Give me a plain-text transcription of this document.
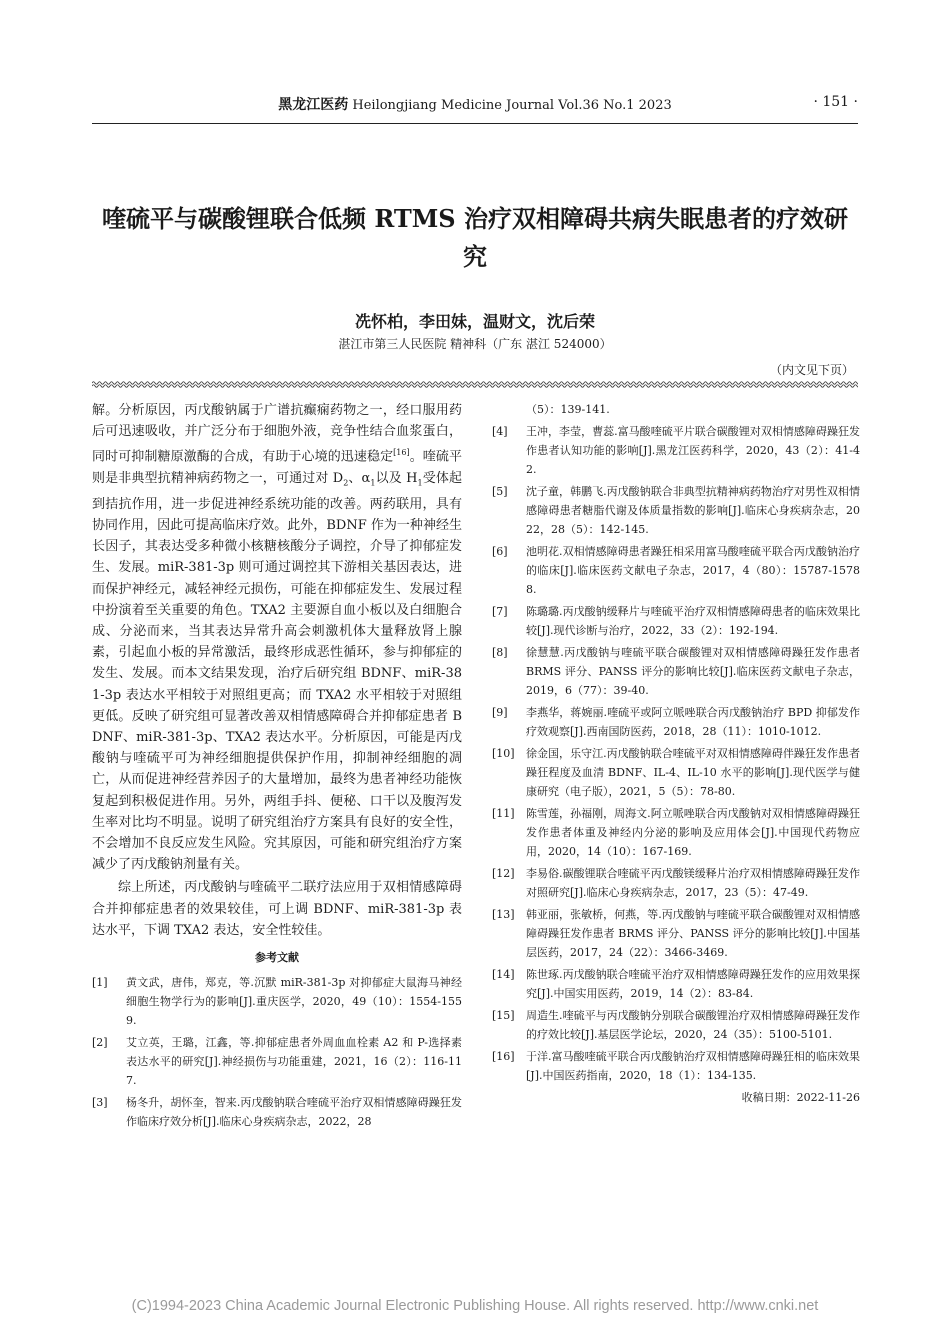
黑龙江医药 Heilongjiang Medicine Journal Vol.36 No.1 2023	· 151 ·
喹硫平与碳酸锂联合低频 RTMS 治疗双相障碍共病失眠患者的疗效研究
冼怀柏，李田妹，温财文，沈后荣
湛江市第三人民医院 精神科（广东 湛江 524000）
（内文见下页）

解。分析原因，丙戊酸钠属于广谱抗癫痫药物之一，经口服用药后可迅速吸收，并广泛分布于细胞外液，竞争性结合血浆蛋白，同时可抑制糖原激酶的合成，有助于心境的迅速稳定[16]。喹硫平则是非典型抗精神病药物之一，可通过对 $D_2$、$\alpha_1$以及 $H_1$受体起到拮抗作用，进一步促进神经系统功能的改善。两药联用，具有协同作用，因此可提高临床疗效。此外，BDNF 作为一种神经生长因子，其表达受多种微小核糖核酸分子调控，介导了抑郁症发生、发展。miR-381-3p 则可通过调控其下游相关基因表达，进而保护神经元，减轻神经元损伤，可能在抑郁症发生、发展过程中扮演着至关重要的角色。TXA2 主要源自血小板以及白细胞合成、分泌而来，当其表达异常升高会刺激机体大量释放肾上腺素，引起血小板的异常激活，最终形成恶性循环，参与抑郁症的发生、发展。而本文结果发现，治疗后研究组 BDNF、miR-381-3p 表达水平相较于对照组更高；而 TXA2 水平相较于对照组更低。反映了研究组可显著改善双相情感障碍合并抑郁症患者 BDNF、miR-381-3p、TXA2 表达水平。分析原因，可能是丙戊酸钠与喹硫平可为神经细胞提供保护作用，抑制神经细胞的凋亡，从而促进神经营养因子的大量增加，最终为患者神经功能恢复起到积极促进作用。另外，两组手抖、便秘、口干以及腹泻发生率对比均不明显。说明了研究组治疗方案具有良好的安全性，不会增加不良反应发生风险。究其原因，可能和研究组治疗方案减少了丙戊酸钠剂量有关。

综上所述，丙戊酸钠与喹硫平二联疗法应用于双相情感障碍合并抑郁症患者的效果较佳，可上调 BDNF、miR-381-3p 表达水平，下调 TXA2 表达，安全性较佳。

参考文献
[1]	黄文武，唐伟，郑克，等.沉默 miR-381-3p 对抑郁症大鼠海马神经细胞生物学行为的影响[J].重庆医学，2020，49（10）：1554-1559.
[2]	艾立英，王璐，江鑫，等.抑郁症患者外周血血栓素 A2 和 P-选择素表达水平的研究[J].神经损伤与功能重建，2021，16（2）：116-117.
[3]	杨冬升，胡怀奎，智来.丙戊酸钠联合喹硫平治疗双相情感障碍躁狂发作临床疗效分析[J].临床心身疾病杂志，2022，28
（5）：139-141.
[4]	王冲，李莹，曹蕊.富马酸喹硫平片联合碳酸锂对双相情感障碍躁狂发作患者认知功能的影响[J].黑龙江医药科学，2020，43（2）：41-42.
[5]	沈子童，韩鹏飞.丙戊酸钠联合非典型抗精神病药物治疗对男性双相情感障碍患者糖脂代谢及体质量指数的影响[J].临床心身疾病杂志，2022，28（5）：142-145.
[6]	池明花.双相情感障碍患者躁狂相采用富马酸喹硫平联合丙戊酸钠治疗的临床[J].临床医药文献电子杂志，2017，4（80）：15787-15788.
[7]	陈璐璐.丙戊酸钠缓释片与喹硫平治疗双相情感障碍患者的临床效果比较[J].现代诊断与治疗，2022，33（2）：192-194.
[8]	徐慧慧.丙戊酸钠与喹硫平联合碳酸锂对双相情感障碍躁狂发作患者 BRMS 评分、PANSS 评分的影响比较[J].临床医药文献电子杂志，2019，6（77）：39-40.
[9]	李燕华，蒋婉丽.喹硫平或阿立哌唑联合丙戊酸钠治疗 BPD 抑郁发作疗效观察[J].西南国防医药，2018，28（11）：1010-1012.
[10]	徐金国，乐守江.丙戊酸钠联合喹硫平对双相情感障碍伴躁狂发作患者躁狂程度及血清 BDNF、IL-4、IL-10 水平的影响[J].现代医学与健康研究（电子版），2021，5（5）：78-80.
[11]	陈雪莲，孙福刚，周海文.阿立哌唑联合丙戊酸钠对双相情感障碍躁狂发作患者体重及神经内分泌的影响及应用体会[J].中国现代药物应用，2020，14（10）：167-169.
[12]	李易俗.碳酸锂联合喹硫平丙戊酸镁缓释片治疗双相情感障碍躁狂发作对照研究[J].临床心身疾病杂志，2017，23（5）：47-49.
[13]	韩亚丽，张敏桥，何燕，等.丙戊酸钠与喹硫平联合碳酸锂对双相情感障碍躁狂发作患者 BRMS 评分、PANSS 评分的影响比较[J].中国基层医药，2017，24（22）：3466-3469.
[14]	陈世琢.丙戊酸钠联合喹硫平治疗双相情感障碍躁狂发作的应用效果探究[J].中国实用医药，2019，14（2）：83-84.
[15]	周造生.喹硫平与丙戊酸钠分别联合碳酸锂治疗双相情感障碍躁狂发作的疗效比较[J].基层医学论坛，2020，24（35）：5100-5101.
[16]	于洋.富马酸喹硫平联合丙戊酸钠治疗双相情感障碍躁狂相的临床效果[J].中国医药指南，2020，18（1）：134-135.
收稿日期：2022-11-26
(C)1994-2023 China Academic Journal Electronic Publishing House. All rights reserved. http://www.cnki.net
